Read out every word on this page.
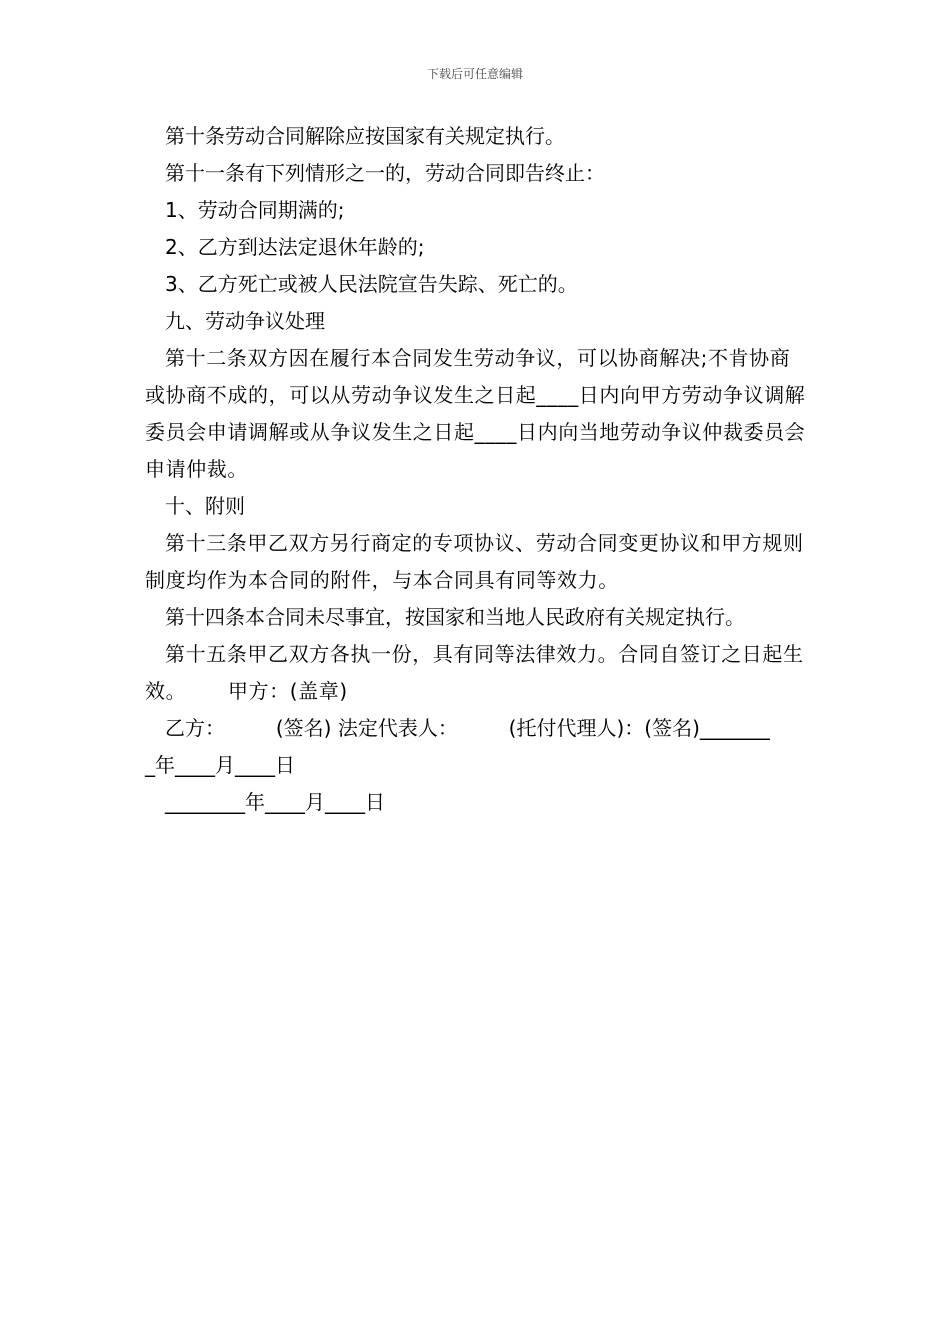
下载后可任意编辑

第十条劳动合同解除应按国家有关规定执行。

第十一条有下列情形之一的，劳动合同即告终止：

1、劳动合同期满的;

2、乙方到达法定退休年龄的;

3、乙方死亡或被人民法院宣告失踪、死亡的。

九、劳动争议处理

第十二条双方因在履行本合同发生劳动争议，可以协商解决;不肯协商或协商不成的，可以从劳动争议发生之日起____日内向甲方劳动争议调解委员会申请调解或从争议发生之日起____日内向当地劳动争议仲裁委员会申请仲裁。

十、附则

第十三条甲乙双方另行商定的专项协议、劳动合同变更协议和甲方规则制度均作为本合同的附件，与本合同具有同等效力。

第十四条本合同未尽事宜，按国家和当地人民政府有关规定执行。

第十五条甲乙双方各执一份，具有同等法律效力。合同自签订之日起生效。      甲方：(盖章)

乙方：        (签名) 法定代表人：        (托付代理人)：(签名)_______

_年____月____日

________年____月____日
